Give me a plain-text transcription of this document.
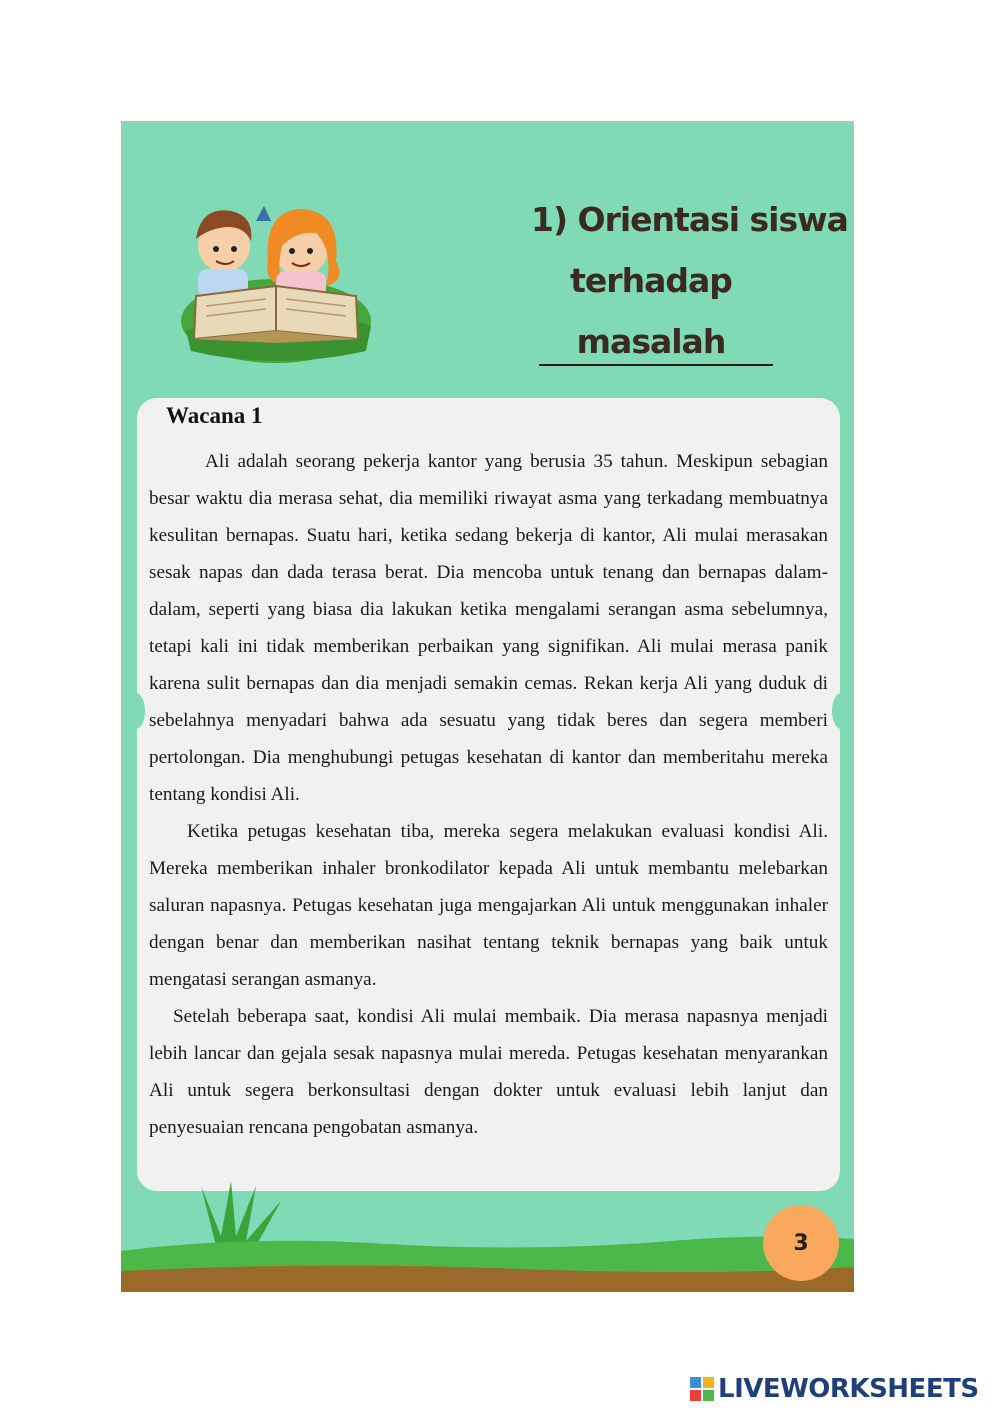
1) Orientasi siswa
terhadap
masalah
Wacana 1

Ali adalah seorang pekerja kantor yang berusia 35 tahun. Meskipun sebagian besar waktu dia merasa sehat, dia memiliki riwayat asma yang terkadang membuatnya kesulitan bernapas. Suatu hari, ketika sedang bekerja di kantor, Ali mulai merasakan sesak napas dan dada terasa berat. Dia mencoba untuk tenang dan bernapas dalam-dalam, seperti yang biasa dia lakukan ketika mengalami serangan asma sebelumnya, tetapi kali ini tidak memberikan perbaikan yang signifikan. Ali mulai merasa panik karena sulit bernapas dan dia menjadi semakin cemas. Rekan kerja Ali yang duduk di sebelahnya menyadari bahwa ada sesuatu yang tidak beres dan segera memberi pertolongan. Dia menghubungi petugas kesehatan di kantor dan memberitahu mereka tentang kondisi Ali.

Ketika petugas kesehatan tiba, mereka segera melakukan evaluasi kondisi Ali. Mereka memberikan inhaler bronkodilator kepada Ali untuk membantu melebarkan saluran napasnya. Petugas kesehatan juga mengajarkan Ali untuk menggunakan inhaler dengan benar dan memberikan nasihat tentang teknik bernapas yang baik untuk mengatasi serangan asmanya.

Setelah beberapa saat, kondisi Ali mulai membaik. Dia merasa napasnya menjadi lebih lancar dan gejala sesak napasnya mulai mereda. Petugas kesehatan menyarankan Ali untuk segera berkonsultasi dengan dokter untuk evaluasi lebih lanjut dan penyesuaian rencana pengobatan asmanya.

3
LIVEWORKSHEETS
